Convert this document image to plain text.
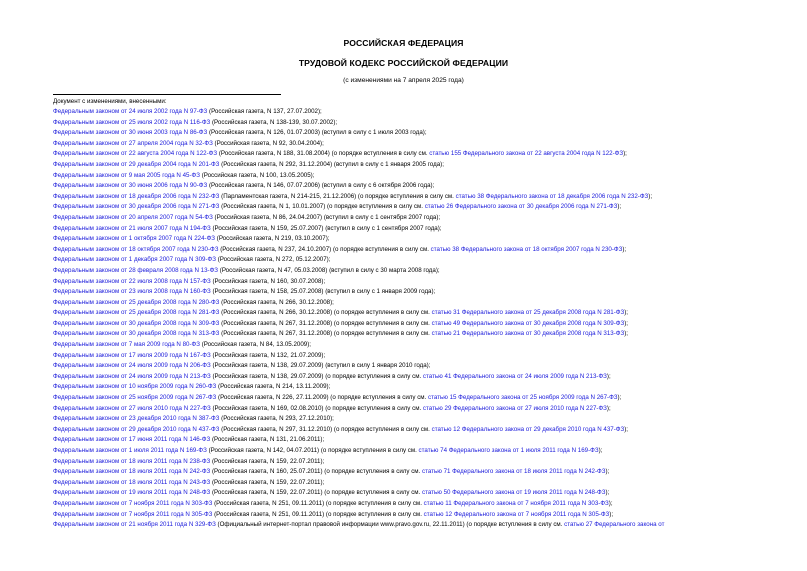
РОССИЙСКАЯ ФЕДЕРАЦИЯ
ТРУДОВОЙ КОДЕКС РОССИЙСКОЙ ФЕДЕРАЦИИ
(с изменениями на 7 апреля 2025 года)
Документ с изменениями, внесенными:
Федеральным законом от 24 июля 2002 года N 97-ФЗ (Российская газета, N 137, 27.07.2002);
Федеральным законом от 25 июля 2002 года N 116-ФЗ (Российская газета, N 138-139, 30.07.2002);
Федеральным законом от 30 июня 2003 года N 86-ФЗ (Российская газета, N 126, 01.07.2003) (вступил в силу с 1 июля 2003 года);
Федеральным законом от 27 апреля 2004 года N 32-ФЗ (Российская газета, N 92, 30.04.2004);
Федеральным законом от 22 августа 2004 года N 122-ФЗ (Российская газета, N 188, 31.08.2004) (о порядке вступления в силу см. статью 155 Федерального закона от 22 августа 2004 года N 122-ФЗ);
Федеральным законом от 29 декабря 2004 года N 201-ФЗ (Российская газета, N 292, 31.12.2004) (вступил в силу с 1 января 2005 года);
Федеральным законом от 9 мая 2005 года N 45-ФЗ (Российская газета, N 100, 13.05.2005);
Федеральным законом от 30 июня 2006 года N 90-ФЗ (Российская газета, N 146, 07.07.2006) (вступил в силу с 6 октября 2006 года);
Федеральным законом от 18 декабря 2006 года N 232-ФЗ (Парламентская газета, N 214-215, 21.12.2006) (о порядке вступления в силу см. статью 38 Федерального закона от 18 декабря 2006 года N 232-ФЗ);
Федеральным законом от 30 декабря 2006 года N 271-ФЗ (Российская газета, N 1, 10.01.2007) (о порядке вступления в силу см. статью 26 Федерального закона от 30 декабря 2006 года N 271-ФЗ);
Федеральным законом от 20 апреля 2007 года N 54-ФЗ (Российская газета, N 86, 24.04.2007) (вступил в силу с 1 сентября 2007 года);
Федеральным законом от 21 июля 2007 года N 194-ФЗ (Российская газета, N 159, 25.07.2007) (вступил в силу с 1 сентября 2007 года);
Федеральным законом от 1 октября 2007 года N 224-ФЗ (Российская газета, N 219, 03.10.2007);
Федеральным законом от 18 октября 2007 года N 230-ФЗ (Российская газета, N 237, 24.10.2007) (о порядке вступления в силу см. статью 38 Федерального закона от 18 октября 2007 года N 230-ФЗ);
Федеральным законом от 1 декабря 2007 года N 309-ФЗ (Российская газета, N 272, 05.12.2007);
Федеральным законом от 28 февраля 2008 года N 13-ФЗ (Российская газета, N 47, 05.03.2008) (вступил в силу с 30 марта 2008 года);
Федеральным законом от 22 июля 2008 года N 157-ФЗ (Российская газета, N 160, 30.07.2008);
Федеральным законом от 23 июля 2008 года N 160-ФЗ (Российская газета, N 158, 25.07.2008) (вступил в силу с 1 января 2009 года);
Федеральным законом от 25 декабря 2008 года N 280-ФЗ (Российская газета, N 266, 30.12.2008);
Федеральным законом от 25 декабря 2008 года N 281-ФЗ (Российская газета, N 266, 30.12.2008) (о порядке вступления в силу см. статью 31 Федерального закона от 25 декабря 2008 года N 281-ФЗ);
Федеральным законом от 30 декабря 2008 года N 309-ФЗ (Российская газета, N 267, 31.12.2008) (о порядке вступления в силу см. статью 49 Федерального закона от 30 декабря 2008 года N 309-ФЗ);
Федеральным законом от 30 декабря 2008 года N 313-ФЗ (Российская газета, N 267, 31.12.2008) (о порядке вступления в силу см. статью 21 Федерального закона от 30 декабря 2008 года N 313-ФЗ);
Федеральным законом от 7 мая 2009 года N 80-ФЗ (Российская газета, N 84, 13.05.2009);
Федеральным законом от 17 июля 2009 года N 167-ФЗ (Российская газета, N 132, 21.07.2009);
Федеральным законом от 24 июля 2009 года N 206-ФЗ (Российская газета, N 138, 29.07.2009) (вступил в силу 1 января 2010 года);
Федеральным законом от 24 июля 2009 года N 213-ФЗ (Российская газета, N 138, 29.07.2009) (о порядке вступления в силу см. статью 41 Федерального закона от 24 июля 2009 года N 213-ФЗ);
Федеральным законом от 10 ноября 2009 года N 260-ФЗ (Российская газета, N 214, 13.11.2009);
Федеральным законом от 25 ноября 2009 года N 267-ФЗ (Российская газета, N 226, 27.11.2009) (о порядке вступления в силу см. статью 15 Федерального закона от 25 ноября 2009 года N 267-ФЗ);
Федеральным законом от 27 июля 2010 года N 227-ФЗ (Российская газета, N 169, 02.08.2010) (о порядке вступления в силу см. статью 29 Федерального закона от 27 июля 2010 года N 227-ФЗ);
Федеральным законом от 23 декабря 2010 года N 387-ФЗ (Российская газета, N 293, 27.12.2010);
Федеральным законом от 29 декабря 2010 года N 437-ФЗ (Российская газета, N 297, 31.12.2010) (о порядке вступления в силу см. статью 12 Федерального закона от 29 декабря 2010 года N 437-ФЗ);
Федеральным законом от 17 июня 2011 года N 146-ФЗ (Российская газета, N 131, 21.06.2011);
Федеральным законом от 1 июля 2011 года N 169-ФЗ (Российская газета, N 142, 04.07.2011) (о порядке вступления в силу см. статью 74 Федерального закона от 1 июля 2011 года N 169-ФЗ);
Федеральным законом от 18 июля 2011 года N 238-ФЗ (Российская газета, N 159, 22.07.2011);
Федеральным законом от 18 июля 2011 года N 242-ФЗ (Российская газета, N 160, 25.07.2011) (о порядке вступления в силу см. статью 71 Федерального закона от 18 июля 2011 года N 242-ФЗ);
Федеральным законом от 18 июля 2011 года N 243-ФЗ (Российская газета, N 159, 22.07.2011);
Федеральным законом от 19 июля 2011 года N 248-ФЗ (Российская газета, N 159, 22.07.2011) (о порядке вступления в силу см. статью 50 Федерального закона от 19 июля 2011 года N 248-ФЗ);
Федеральным законом от 7 ноября 2011 года N 303-ФЗ (Российская газета, N 251, 09.11.2011) (о порядке вступления в силу см. статью 11 Федерального закона от 7 ноября 2011 года N 303-ФЗ);
Федеральным законом от 7 ноября 2011 года N 305-ФЗ (Российская газета, N 251, 09.11.2011) (о порядке вступления в силу см. статью 12 Федерального закона от 7 ноября 2011 года N 305-ФЗ);
Федеральным законом от 21 ноября 2011 года N 329-ФЗ (Официальный интернет-портал правовой информации www.pravo.gov.ru, 22.11.2011) (о порядке вступления в силу см. статью 27 Федерального закона от
